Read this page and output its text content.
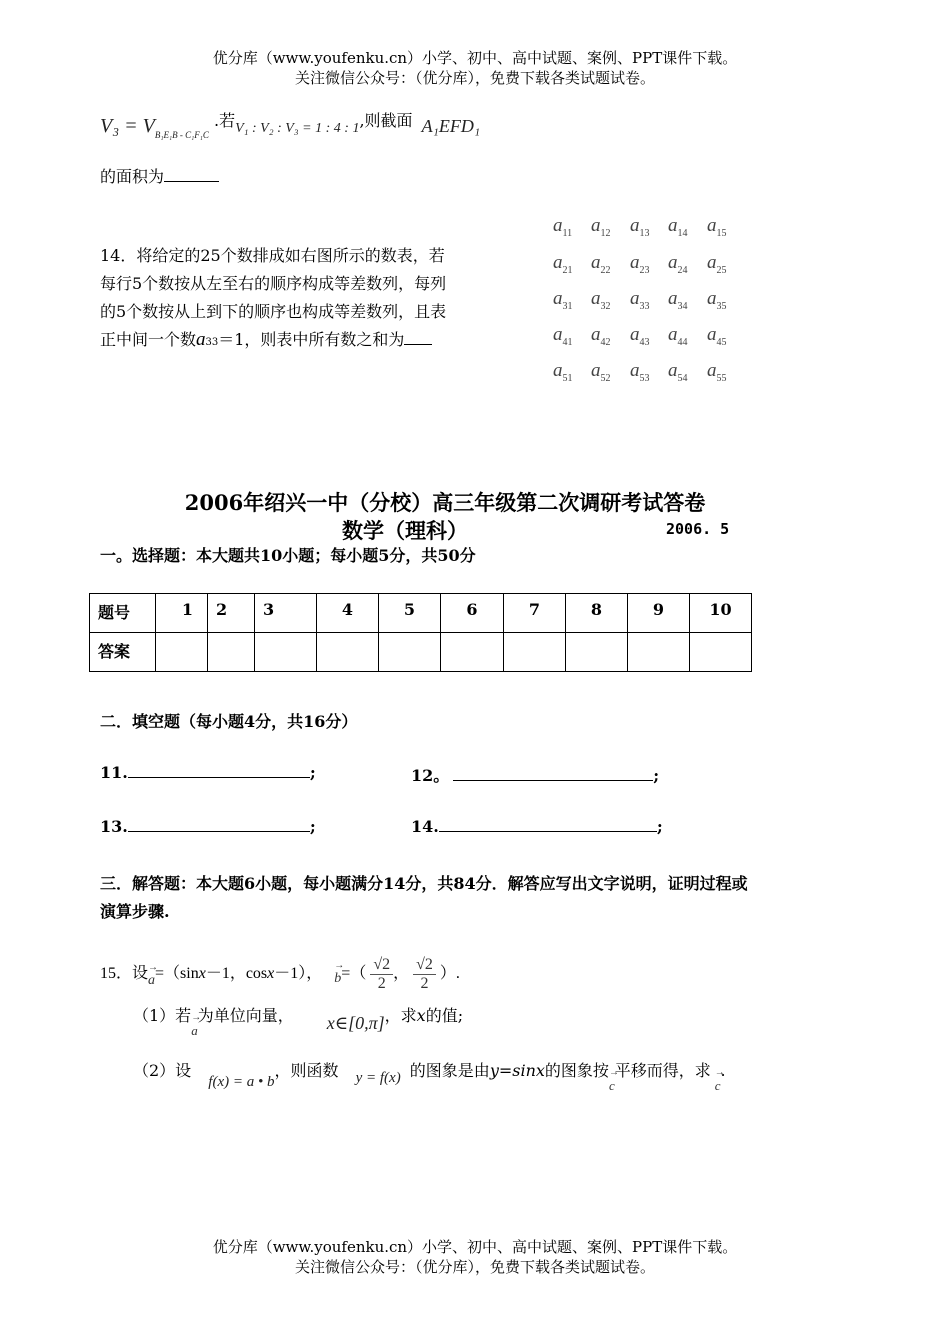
优分库（www.youfenku.cn）小学、初中、高中试题、案例、PPT课件下载。
关注微信公众号：（优分库），免费下载各类试题试卷。
$V_3 = V_{B_1E_1B - C_1F_1C}$ .若V₁ : V₂ : V₃ = 1 : 4 : 1,则截面 A₁EFD₁
的面积为
14．将给定的25个数排成如右图所示的数表，若
每行5个数按从左至右的顺序构成等差数列，每列
的5个数按从上到下的顺序也构成等差数列，且表
正中间一个数a33＝1，则表中所有数之和为
$a_{11}$ $a_{12}$ $a_{13}$ $a_{14}$ $a_{15}$
$a_{21}$ $a_{22}$ $a_{23}$ $a_{24}$ $a_{25}$
$a_{31}$ $a_{32}$ $a_{33}$ $a_{34}$ $a_{35}$
$a_{41}$ $a_{42}$ $a_{43}$ $a_{44}$ $a_{45}$
$a_{51}$ $a_{52}$ $a_{53}$ $a_{54}$ $a_{55}$
2006年绍兴一中（分校）高三年级第二次调研考试答卷
数学（理科）	2006. 5
一。选择题：本大题共10小题；每小题5分，共50分
题号	1	2	3	4	5	6	7	8	9	10
答案										
二．填空题（每小题4分，共16分）
11.	;	12。	;
13.	;	14.	;
三．解答题：本大题6小题，每小题满分14分，共84分．解答应写出文字说明，证明过程或
演算步骤.
15．设→ a=（sinx－1，cosx－1）， → $b=( \frac{√2}{2}$ ， $\frac{√2}{2}$ ）.
（1）若→ a为单位向量， x∈[0,π]，求x的值;
（2）设 f(x) = a • b，则函数 y = f(x) 的图象是由y=sinx的图象按→ c平移而得，求→ c.
优分库（www.youfenku.cn）小学、初中、高中试题、案例、PPT课件下载。
关注微信公众号：（优分库），免费下载各类试题试卷。
